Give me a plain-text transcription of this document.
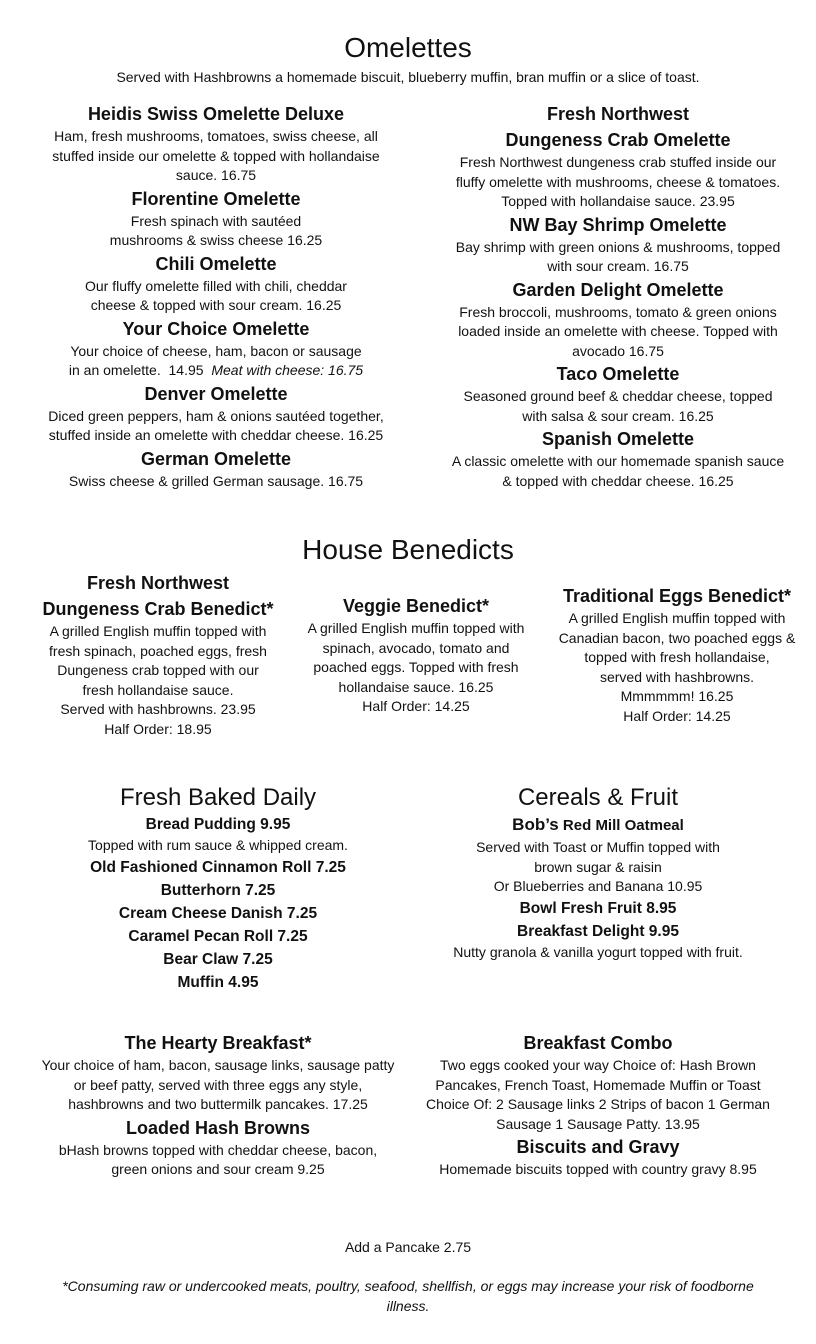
Omelettes
Served with Hashbrowns a homemade biscuit, blueberry muffin, bran muffin or a slice of toast.
Heidis Swiss Omelette Deluxe
Ham, fresh mushrooms, tomatoes, swiss cheese, all
stuffed inside our omelette & topped with hollandaise
sauce. 16.75
Florentine Omelette
Fresh spinach with sautéed
mushrooms & swiss cheese 16.25
Chili Omelette
Our fluffy omelette filled with chili, cheddar
cheese & topped with sour cream. 16.25
Your Choice Omelette
Your choice of cheese, ham, bacon or sausage
in an omelette.  14.95  Meat with cheese: 16.75
Denver Omelette
Diced green peppers, ham & onions sautéed together,
stuffed inside an omelette with cheddar cheese. 16.25
German Omelette
Swiss cheese & grilled German sausage. 16.75
Fresh Northwest
Dungeness Crab Omelette
Fresh Northwest dungeness crab stuffed inside our
fluffy omelette with mushrooms, cheese & tomatoes.
Topped with hollandaise sauce. 23.95
NW Bay Shrimp Omelette
Bay shrimp with green onions & mushrooms, topped
with sour cream. 16.75
Garden Delight Omelette
Fresh broccoli, mushrooms, tomato & green onions
loaded inside an omelette with cheese. Topped with
avocado 16.75
Taco Omelette
Seasoned ground beef & cheddar cheese, topped
with salsa & sour cream. 16.25
Spanish Omelette
A classic omelette with our homemade spanish sauce
& topped with cheddar cheese. 16.25
House Benedicts
Fresh Northwest
Dungeness Crab Benedict*
A grilled English muffin topped with
fresh spinach, poached eggs, fresh
Dungeness crab topped with our
fresh hollandaise sauce.
Served with hashbrowns. 23.95
Half Order: 18.95
Veggie Benedict*
A grilled English muffin topped with
spinach, avocado, tomato and
poached eggs. Topped with fresh
hollandaise sauce. 16.25
Half Order: 14.25
Traditional Eggs Benedict*
A grilled English muffin topped with
Canadian bacon, two poached eggs &
topped with fresh hollandaise,
served with hashbrowns.
Mmmmmm! 16.25
Half Order: 14.25
Fresh Baked Daily
Bread Pudding 9.95
Topped with rum sauce & whipped cream.
Old Fashioned Cinnamon Roll 7.25
Butterhorn 7.25
Cream Cheese Danish 7.25
Caramel Pecan Roll 7.25
Bear Claw 7.25
Muffin 4.95
Cereals & Fruit
Bob’s Red Mill Oatmeal
Served with Toast or Muffin topped with
brown sugar & raisin
Or Blueberries and Banana 10.95
Bowl Fresh Fruit 8.95
Breakfast Delight 9.95
Nutty granola & vanilla yogurt topped with fruit.
The Hearty Breakfast*
Your choice of ham, bacon, sausage links, sausage patty
or beef patty, served with three eggs any style,
hashbrowns and two buttermilk pancakes. 17.25
Loaded Hash Browns
bHash browns topped with cheddar cheese, bacon,
green onions and sour cream 9.25
Breakfast Combo
Two eggs cooked your way Choice of: Hash Brown
Pancakes, French Toast, Homemade Muffin or Toast
Choice Of: 2 Sausage links 2 Strips of bacon 1 German
Sausage 1 Sausage Patty. 13.95
Biscuits and Gravy
Homemade biscuits topped with country gravy 8.95
Add a Pancake 2.75
*Consuming raw or undercooked meats, poultry, seafood, shellfish, or eggs may increase your risk of foodborne
illness.
